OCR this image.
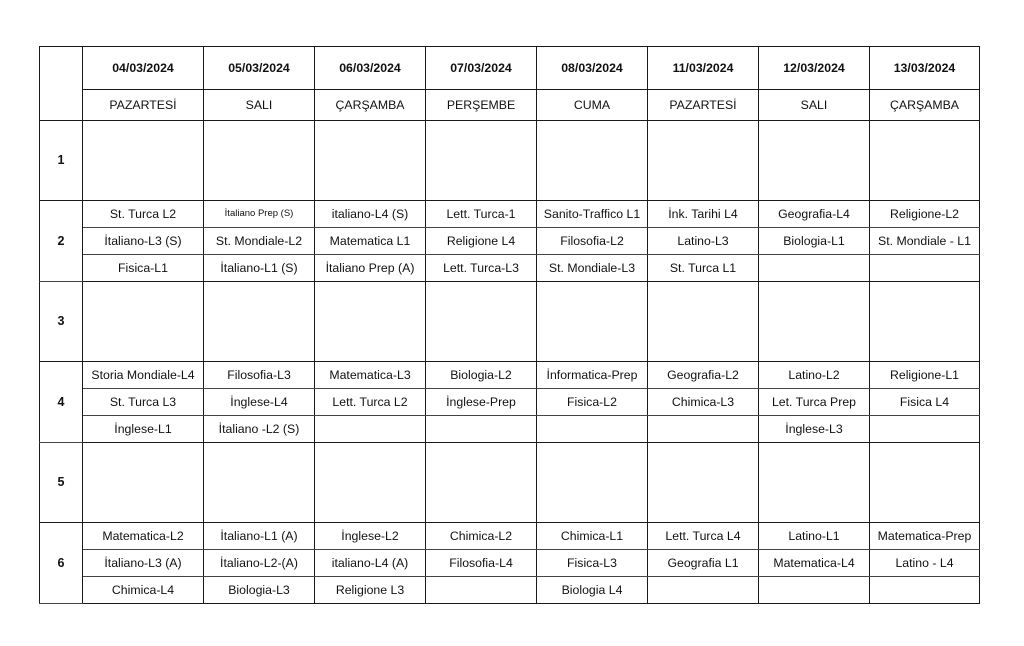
	04/03/2024	05/03/2024	06/03/2024	07/03/2024	08/03/2024	11/03/2024	12/03/2024	13/03/2024
	PAZARTESİ	SALI	ÇARŞAMBA	PERŞEMBE	CUMA	PAZARTESİ	SALI	ÇARŞAMBA
1								
2	St. Turca L2	İtaliano Prep (S)	italiano-L4 (S)	Lett. Turca-1	Sanito-Traffico L1	İnk. Tarihi L4	Geografia-L4	Religione-L2
	İtaliano-L3 (S)	St. Mondiale-L2	Matematica L1	Religione L4	Filosofia-L2	Latino-L3	Biologia-L1	St. Mondiale - L1
	Fisica-L1	İtaliano-L1 (S)	İtaliano Prep (A)	Lett. Turca-L3	St. Mondiale-L3	St. Turca L1		
3								
4	Storia Mondiale-L4	Filosofia-L3	Matematica-L3	Biologia-L2	İnformatica-Prep	Geografia-L2	Latino-L2	Religione-L1
	St. Turca L3	İnglese-L4	Lett. Turca L2	İnglese-Prep	Fisica-L2	Chimica-L3	Let. Turca Prep	Fisica L4
	İnglese-L1	İtaliano -L2 (S)					İnglese-L3	
5								
6	Matematica-L2	İtaliano-L1 (A)	İnglese-L2	Chimica-L2	Chimica-L1	Lett. Turca L4	Latino-L1	Matematica-Prep
	İtaliano-L3 (A)	İtaliano-L2-(A)	italiano-L4 (A)	Filosofia-L4	Fisica-L3	Geografia L1	Matematica-L4	Latino - L4
	Chimica-L4	Biologia-L3	Religione L3		Biologia L4			
